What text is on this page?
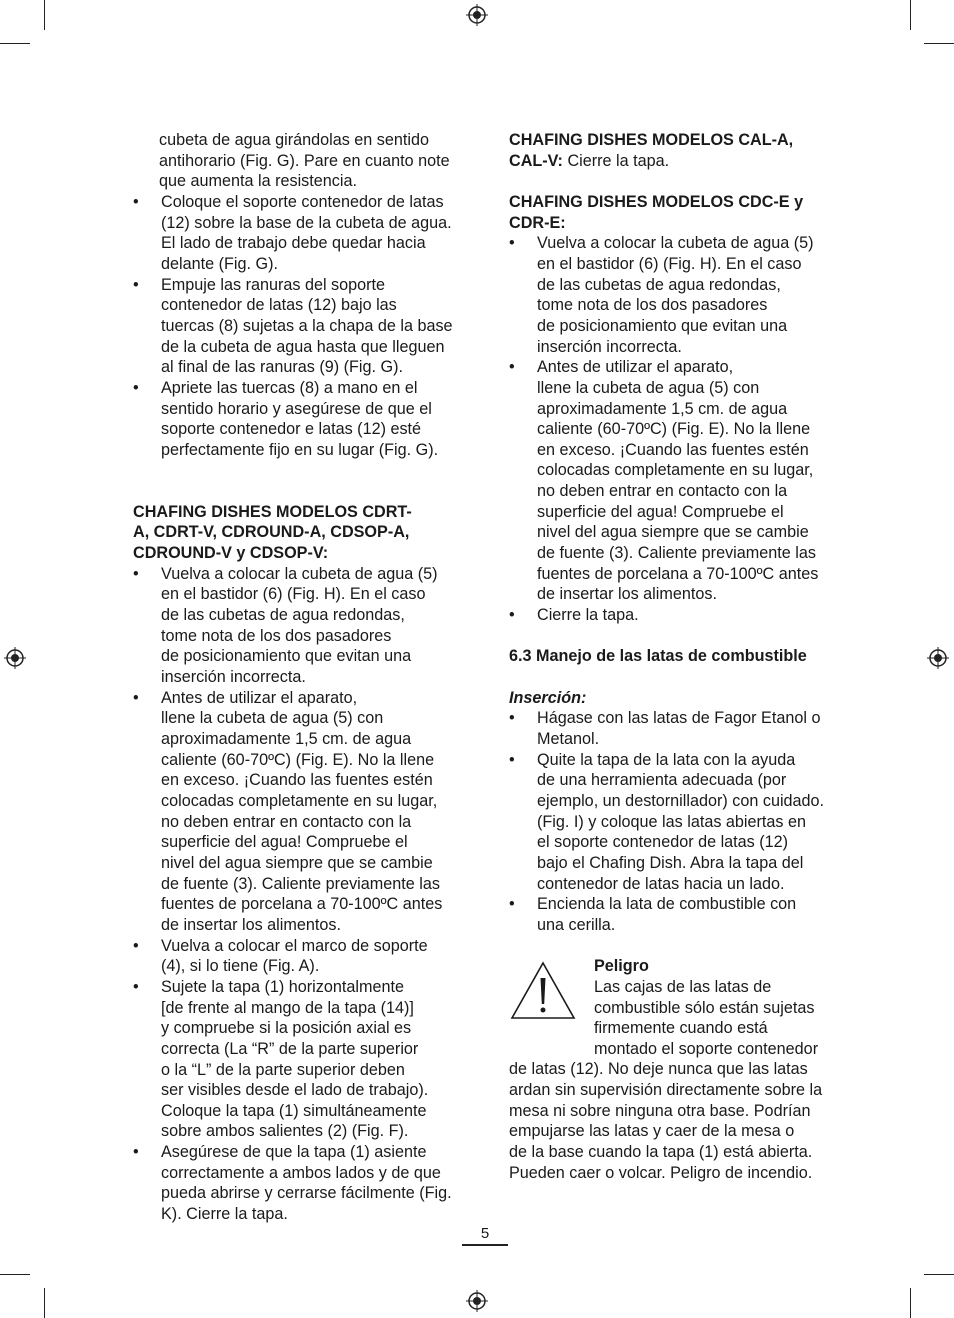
cubeta de agua girándolas en sentido
antihorario (Fig. G). Pare en cuanto note
que aumenta la resistencia.
• Coloque el soporte contenedor de latas
(12) sobre la base de la cubeta de agua.
El lado de trabajo debe quedar hacia
delante (Fig. G).
• Empuje las ranuras del soporte
contenedor de latas (12) bajo las
tuercas (8) sujetas a la chapa de la base
de la cubeta de agua hasta que lleguen
al final de las ranuras (9) (Fig. G).
• Apriete las tuercas (8) a mano en el
sentido horario y asegúrese de que el
soporte contenedor e latas (12) esté
perfectamente fijo en su lugar (Fig. G).
CHAFING DISHES MODELOS CDRT-
A, CDRT-V, CDROUND-A, CDSOP-A,
CDROUND-V y CDSOP-V:
• Vuelva a colocar la cubeta de agua (5)
en el bastidor (6) (Fig. H). En el caso
de las cubetas de agua redondas,
tome nota de los dos pasadores
de posicionamiento que evitan una
inserción incorrecta.
• Antes de utilizar el aparato,
llene la cubeta de agua (5) con
aproximadamente 1,5 cm. de agua
caliente (60-70ºC) (Fig. E). No la llene
en exceso. ¡Cuando las fuentes estén
colocadas completamente en su lugar,
no deben entrar en contacto con la
superficie del agua! Compruebe el
nivel del agua siempre que se cambie
de fuente (3). Caliente previamente las
fuentes de porcelana a 70-100ºC antes
de insertar los alimentos.
• Vuelva a colocar el marco de soporte
(4), si lo tiene (Fig. A).
• Sujete la tapa (1) horizontalmente
[de frente al mango de la tapa (14)]
y compruebe si la posición axial es
correcta (La “R” de la parte superior
o la “L” de la parte superior deben
ser visibles desde el lado de trabajo).
Coloque la tapa (1) simultáneamente
sobre ambos salientes (2) (Fig. F).
• Asegúrese de que la tapa (1) asiente
correctamente a ambos lados y de que
pueda abrirse y cerrarse fácilmente (Fig.
K). Cierre la tapa.
CHAFING DISHES MODELOS CAL-A,
CAL-V: Cierre la tapa.
CHAFING DISHES MODELOS CDC-E y
CDR-E:
• Vuelva a colocar la cubeta de agua (5)
en el bastidor (6) (Fig. H). En el caso
de las cubetas de agua redondas,
tome nota de los dos pasadores
de posicionamiento que evitan una
inserción incorrecta.
• Antes de utilizar el aparato,
llene la cubeta de agua (5) con
aproximadamente 1,5 cm. de agua
caliente (60-70ºC) (Fig. E). No la llene
en exceso. ¡Cuando las fuentes estén
colocadas completamente en su lugar,
no deben entrar en contacto con la
superficie del agua! Compruebe el
nivel del agua siempre que se cambie
de fuente (3). Caliente previamente las
fuentes de porcelana a 70-100ºC antes
de insertar los alimentos.
• Cierre la tapa.
6.3 Manejo de las latas de combustible
Inserción:
• Hágase con las latas de Fagor Etanol o
Metanol.
• Quite la tapa de la lata con la ayuda
de una herramienta adecuada (por
ejemplo, un destornillador) con cuidado.
(Fig. I) y coloque las latas abiertas en
el soporte contenedor de latas (12)
bajo el Chafing Dish. Abra la tapa del
contenedor de latas hacia un lado.
• Encienda la lata de combustible con
una cerilla.
Peligro
Las cajas de las latas de
combustible sólo están sujetas
firmemente cuando está
montado el soporte contenedor
de latas (12). No deje nunca que las latas
ardan sin supervisión directamente sobre la
mesa ni sobre ninguna otra base. Podrían
empujarse las latas y caer de la mesa o
de la base cuando la tapa (1) está abierta.
Pueden caer o volcar. Peligro de incendio.
5
